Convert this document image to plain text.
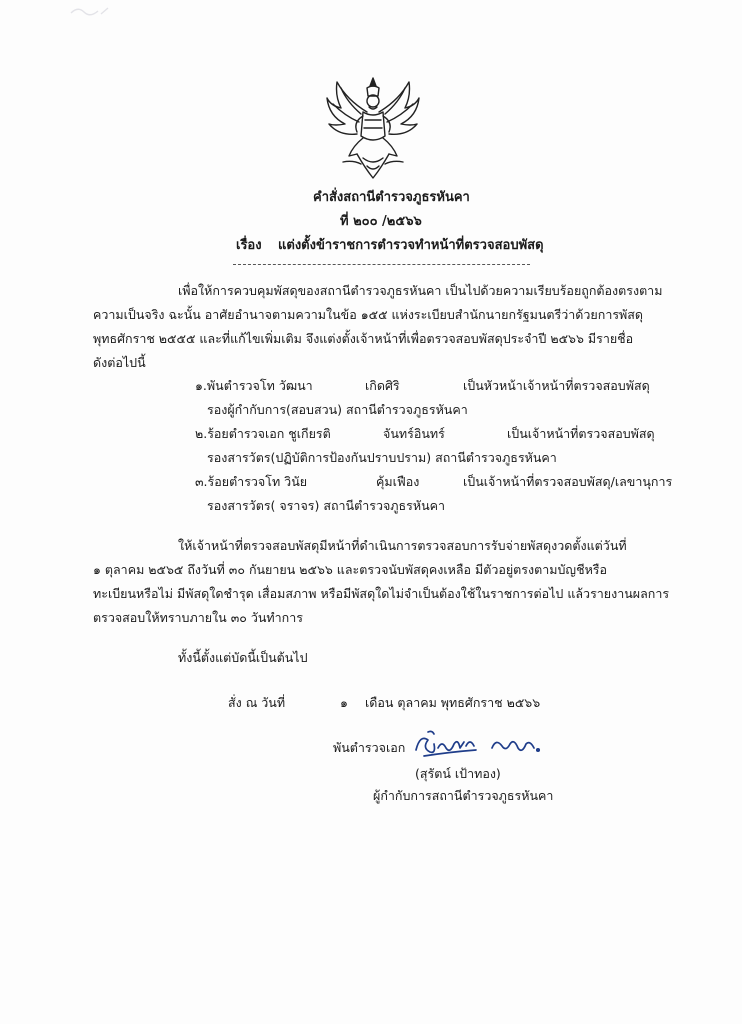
คำสั่งสถานีตำรวจภูธรหันคา
ที่ ๒๐๐ /๒๕๖๖
เรื่อง แต่งตั้งข้าราชการตำรวจทำหน้าที่ตรวจสอบพัสดุ
เพื่อให้การควบคุมพัสดุของสถานีตำรวจภูธรหันคา เป็นไปด้วยความเรียบร้อยถูกต้องตรงตาม
ความเป็นจริง ฉะนั้น อาศัยอำนาจตามความในข้อ ๑๕๕ แห่งระเบียบสำนักนายกรัฐมนตรีว่าด้วยการพัสดุ
พุทธศักราช ๒๕๕๕ และที่แก้ไขเพิ่มเติม จึงแต่งตั้งเจ้าหน้าที่เพื่อตรวจสอบพัสดุประจำปี ๒๕๖๖ มีรายชื่อ
ดังต่อไปนี้
๑.พันตำรวจโท วัฒนา	เกิดศิริ	เป็นหัวหน้าเจ้าหน้าที่ตรวจสอบพัสดุ
รองผู้กำกับการ(สอบสวน) สถานีตำรวจภูธรหันคา
๒.ร้อยตำรวจเอก ชูเกียรติ	จันทร์อินทร์	เป็นเจ้าหน้าที่ตรวจสอบพัสดุ
รองสารวัตร(ปฏิบัติการป้องกันปราบปราม) สถานีตำรวจภูธรหันคา
๓.ร้อยตำรวจโท วินัย	คุ้มเฟือง	เป็นเจ้าหน้าที่ตรวจสอบพัสดุ/เลขานุการ
รองสารวัตร( จราจร) สถานีตำรวจภูธรหันคา
ให้เจ้าหน้าที่ตรวจสอบพัสดุมีหน้าที่ดำเนินการตรวจสอบการรับจ่ายพัสดุงวดตั้งแต่วันที่
๑ ตุลาคม ๒๕๖๕ ถึงวันที่ ๓๐ กันยายน ๒๕๖๖ และตรวจนับพัสดุคงเหลือ มีตัวอยู่ตรงตามบัญชีหรือ
ทะเบียนหรือไม่ มีพัสดุใดชำรุด เสื่อมสภาพ หรือมีพัสดุใดไม่จำเป็นต้องใช้ในราชการต่อไป แล้วรายงานผลการ
ตรวจสอบให้ทราบภายใน ๓๐ วันทำการ
ทั้งนี้ตั้งแต่บัดนี้เป็นต้นไป
สั่ง ณ วันที่	๑ เดือน ตุลาคม พุทธศักราช ๒๕๖๖
พันตำรวจเอก
(สุรัตน์ เป้าทอง)
ผู้กำกับการสถานีตำรวจภูธรหันคา
